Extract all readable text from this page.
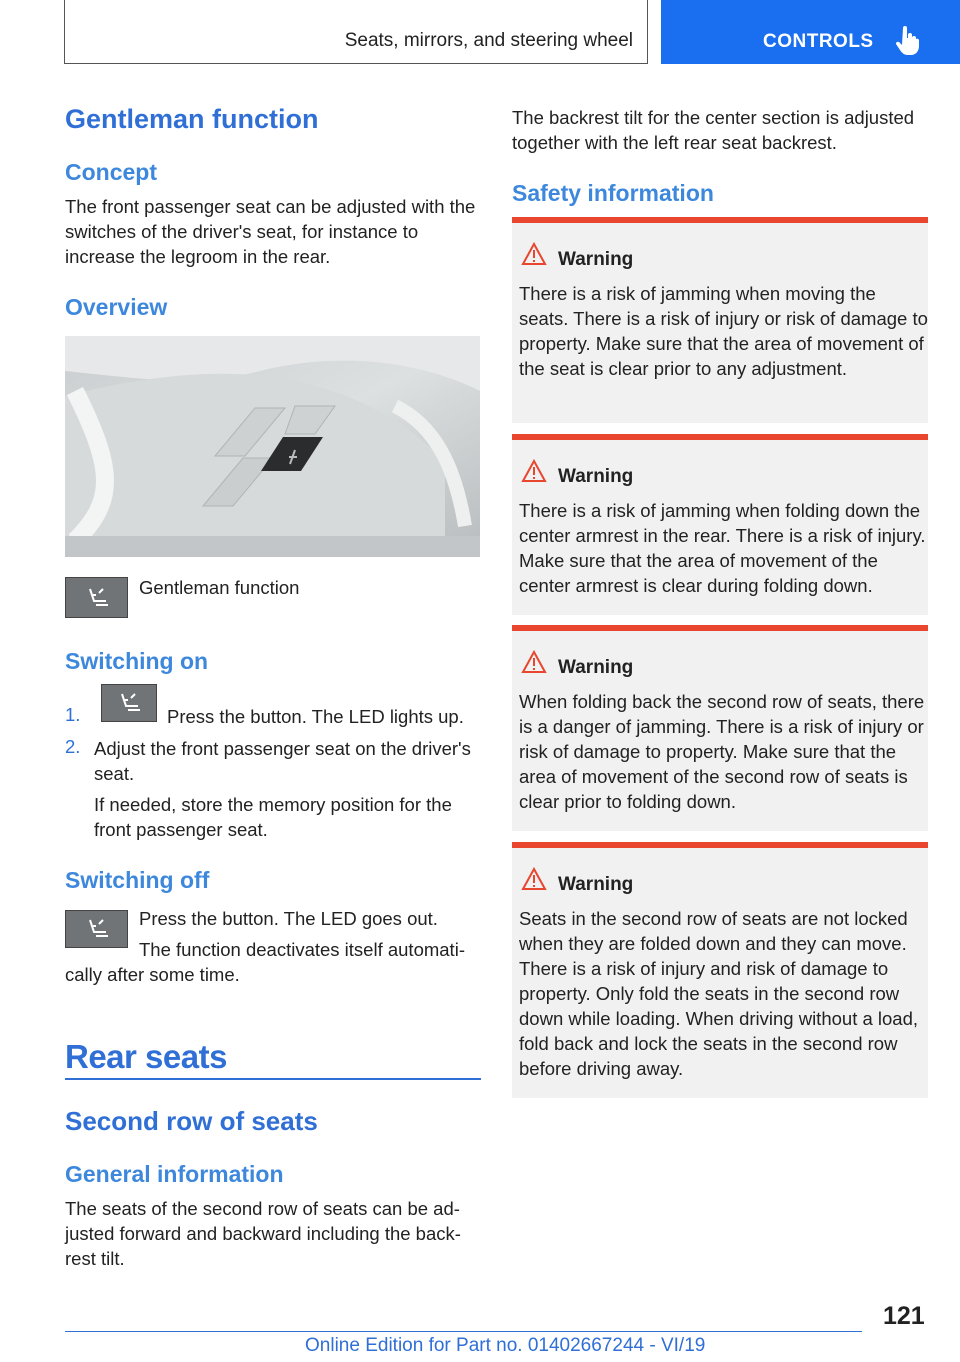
Seats, mirrors, and steering wheel	CONTROLS
Gentleman function
Concept

The front passenger seat can be adjusted with the switches of the driver's seat, for instance to increase the legroom in the rear.

Overview

Gentleman function

Switching on
1.	Press the button. The LED lights up.

2. Adjust the front passenger seat on the driver's seat.

If needed, store the memory position for the front passenger seat.

Switching off

Press the button. The LED goes out.

The function deactivates itself automatically after some time.

Rear seats
Second row of seats
General information

The seats of the second row of seats can be adjusted forward and backward including the backrest tilt.

The backrest tilt for the center section is adjusted together with the left rear seat backrest.

Safety information
Warning
There is a risk of jamming when moving the seats. There is a risk of injury or risk of damage to property. Make sure that the area of movement of the seat is clear prior to any adjustment.
Warning
There is a risk of jamming when folding down the center armrest in the rear. There is a risk of injury. Make sure that the area of movement of the center armrest is clear during folding down.
Warning
When folding back the second row of seats, there is a danger of jamming. There is a risk of injury or risk of damage to property. Make sure that the area of movement of the second row of seats is clear prior to folding down.
Warning
Seats in the second row of seats are not locked when they are folded down and they can move. There is a risk of injury and risk of damage to property. Only fold the seats in the second row down while loading. When driving without a load, fold back and lock the seats in the second row before driving away.
121
Online Edition for Part no. 01402667244 - VI/19
